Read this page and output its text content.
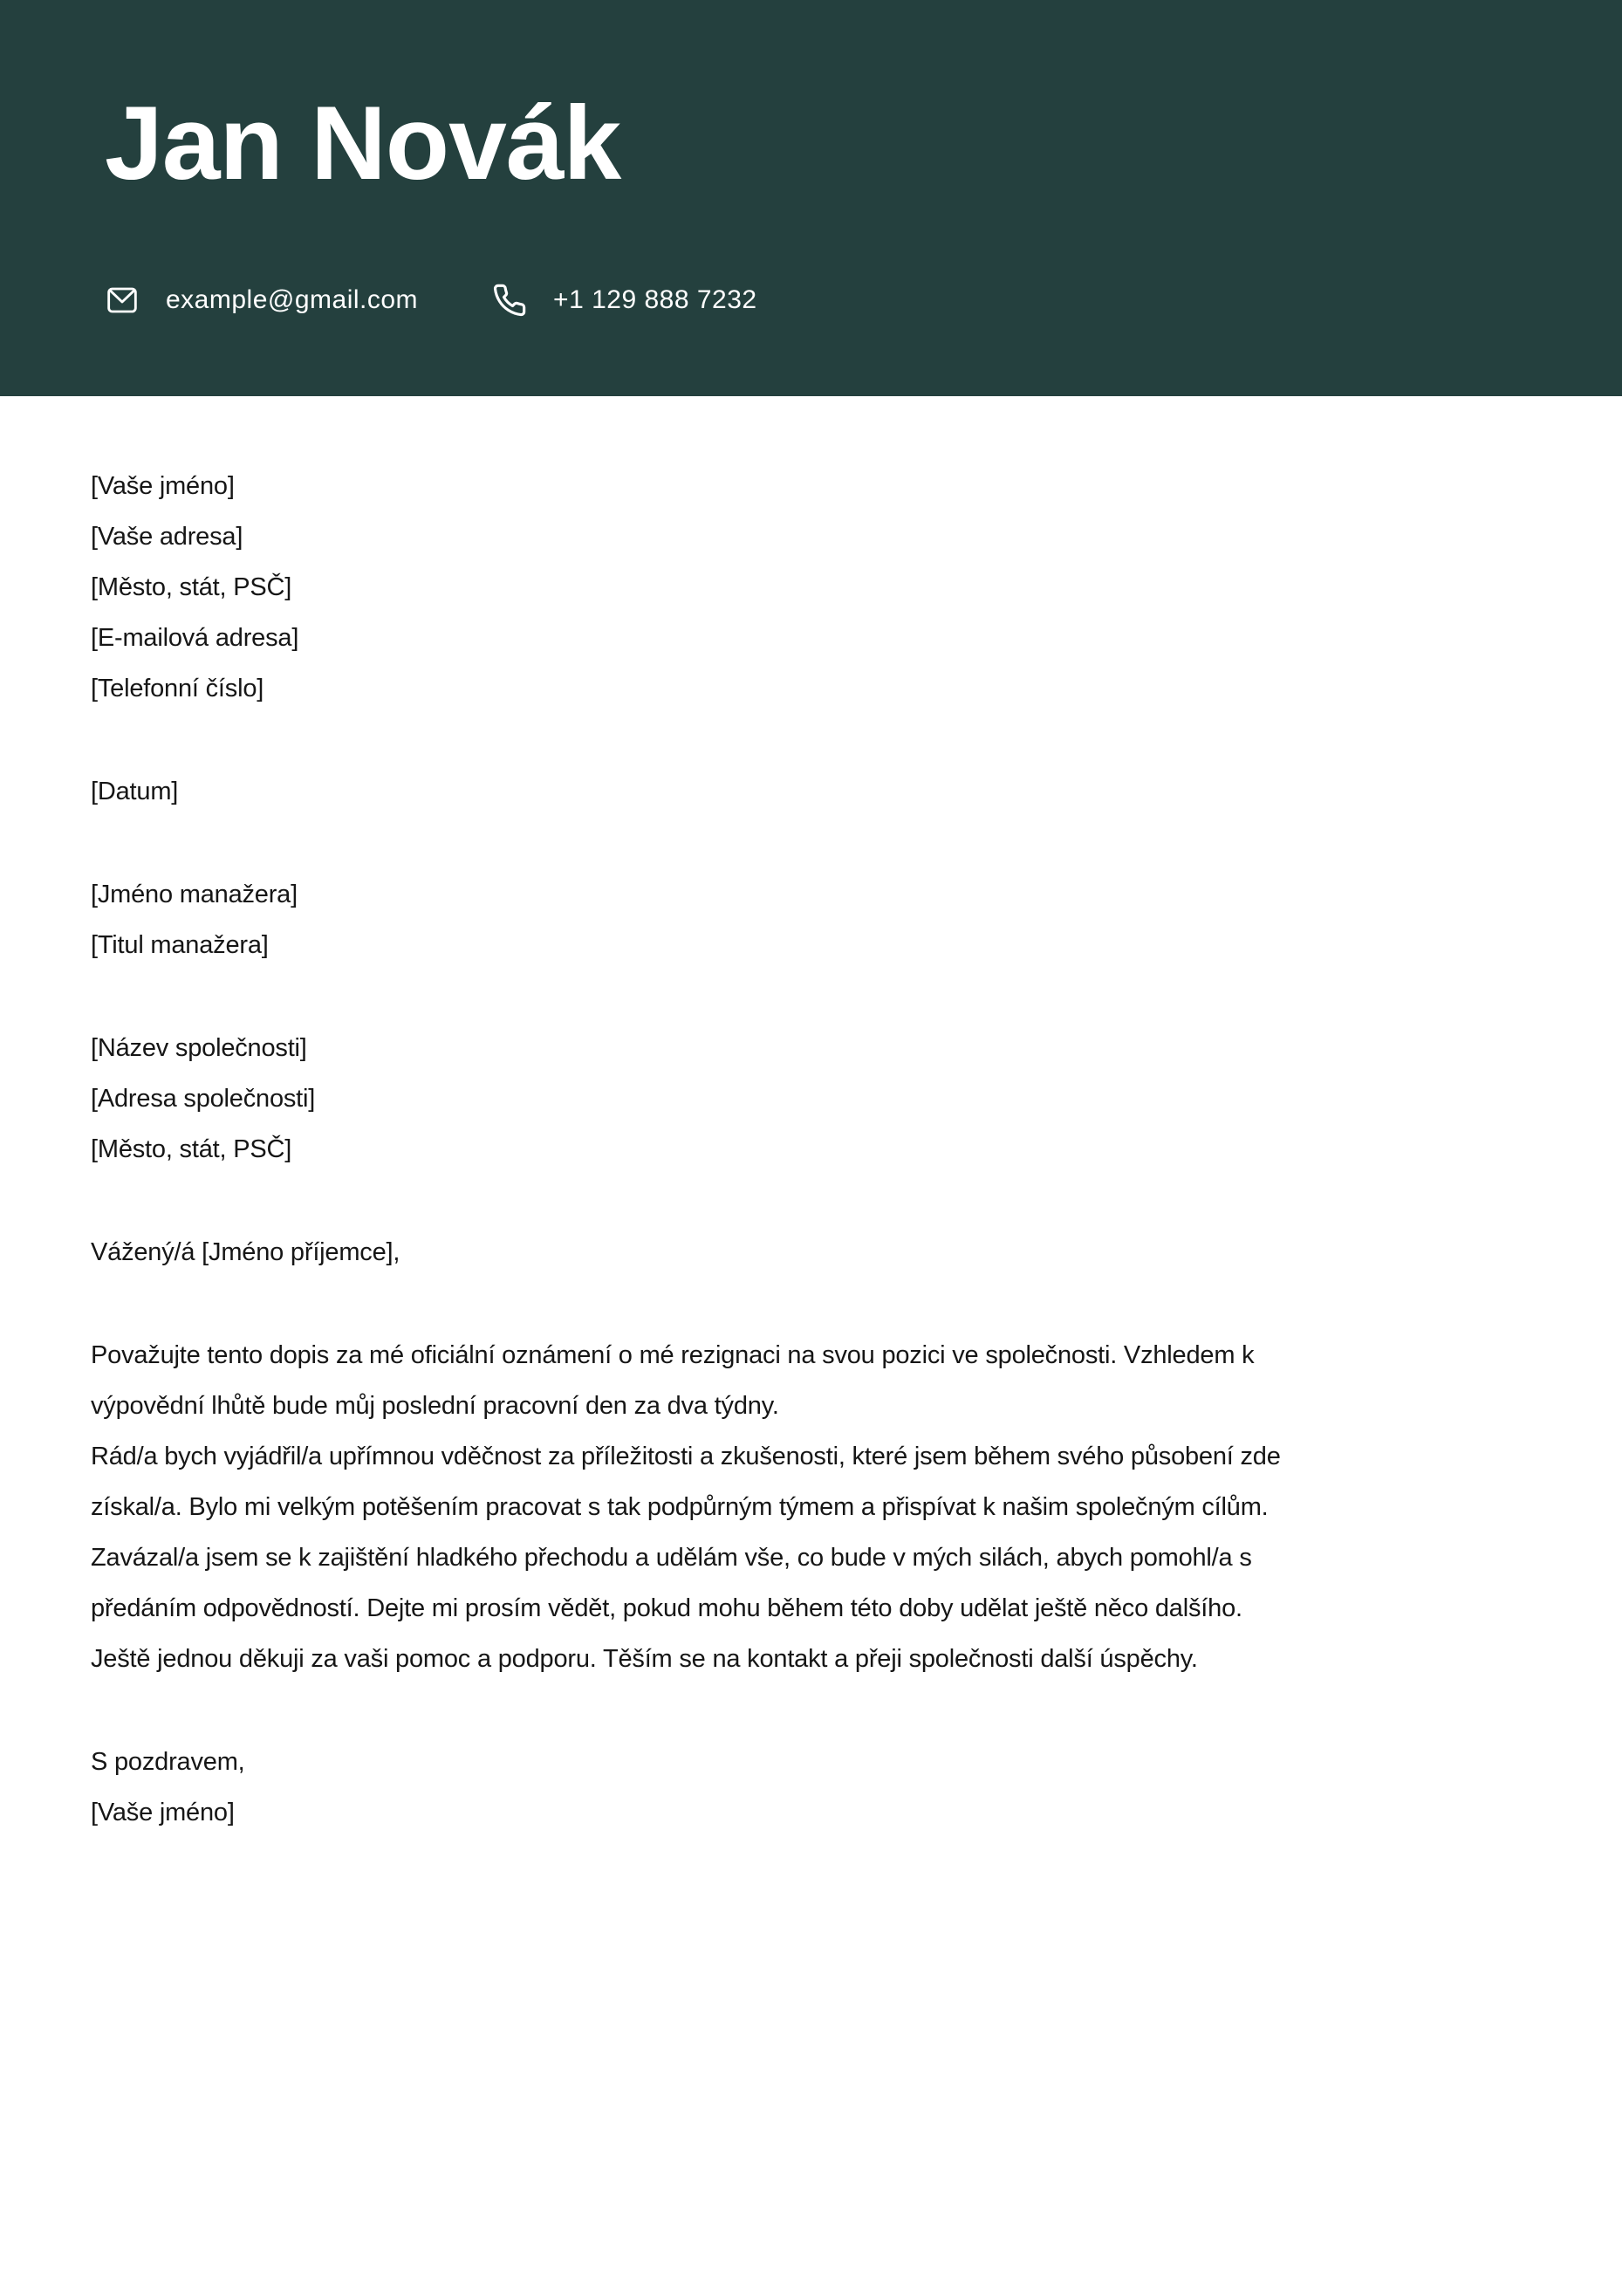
Jan Novák
example@gmail.com	+1 129 888 7232
[Vaše jméno]
[Vaše adresa]
[Město, stát, PSČ]
[E-mailová adresa]
[Telefonní číslo]
[Datum]
[Jméno manažera]
[Titul manažera]
[Název společnosti]
[Adresa společnosti]
[Město, stát, PSČ]
Vážený/á [Jméno příjemce],
Považujte tento dopis za mé oficiální oznámení o mé rezignaci na svou pozici ve společnosti. Vzhledem k
výpovědní lhůtě bude můj poslední pracovní den za dva týdny.
Rád/a bych vyjádřil/a upřímnou vděčnost za příležitosti a zkušenosti, které jsem během svého působení zde
získal/a. Bylo mi velkým potěšením pracovat s tak podpůrným týmem a přispívat k našim společným cílům.
Zavázal/a jsem se k zajištění hladkého přechodu a udělám vše, co bude v mých silách, abych pomohl/a s
předáním odpovědností. Dejte mi prosím vědět, pokud mohu během této doby udělat ještě něco dalšího.
Ještě jednou děkuji za vaši pomoc a podporu. Těším se na kontakt a přeji společnosti další úspěchy.
S pozdravem,
[Vaše jméno]
